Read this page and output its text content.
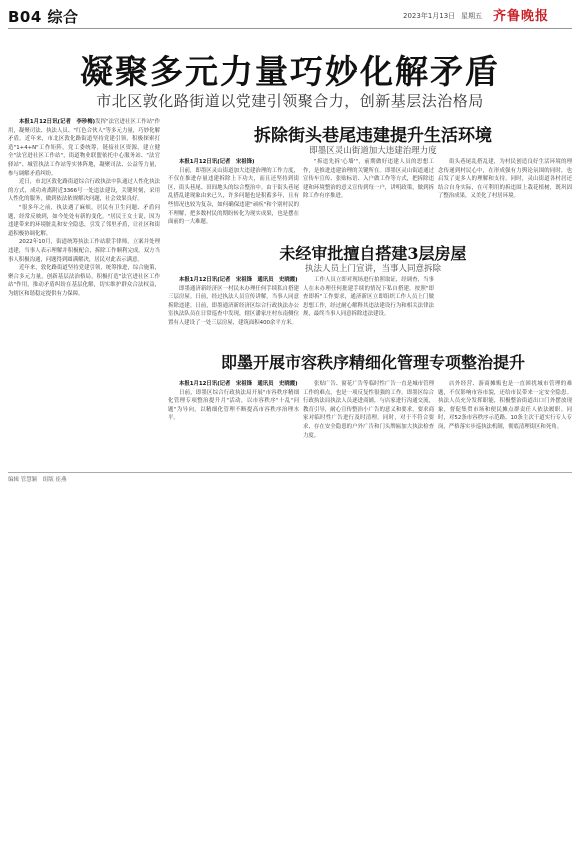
B04 综合	2023年1月13日 星期五 齐鲁晚报
凝聚多元力量巧妙化解矛盾
市北区敦化路街道以党建引领聚合力，创新基层法治格局

本报1月12日讯(记者　李珍梅)发挥"法官进社区工作站"作用，凝聚司法、执法人员、"红色合伙人"等多元力量，巧妙化解矛盾。近年来，市北区敦化路街道坚持党建引领，积极探索打造"1+4+N"工作矩阵，党工委统筹，链接社区资源，建立健全"法官进社区工作站"，街道物业联盟依托中心服务站、"法官驿站"、城管执法工作站等实体阵地，凝聚司法、公益等力量，参与调解矛盾纠纷。

近日，市北区敦化路街道综合行政执法中队通过人性化执法的方式，成功劝离附近3366号一处违法建设，关键时刻，采用人性化的服务，做到依法依规解决问题，社会效果良好。

"很多年之前，执法遇了麻烦，居民有卫生问题、矛盾问题，经常反映到，如今处处有新的变化。"居民王女士说，因为违建带来的环境脏乱和安全隐患，引发了邻里矛盾，让社区和街道积极协调化解。

2022年10月，街道统筹执法工作站联手律师，立案并处理违建，当事人表示理解并积极配合，拆除工作顺利完成。双方当事人积极沟通，问题得到圆满解决，居民对此表示满意。

近年来，敦化路街道坚持党建引领，统筹推进，综合施策，聚合多元力量，创新基层法治格局，积极打造"法官进社区工作站"作用，推动矛盾纠纷在基层化解，切实维护群众合法权益，为辖区和谐稳定提供有力保障。

拆除街头巷尾违建提升生活环境
即墨区灵山街道加大违建治理力度

本报1月12日讯(记者　宋祖锋)

日前，即墨区灵山街道加大违建治理的工作力度，不仅在推进存量违建拆除上下功夫，而且还坚持到街区、街头巷尾、田间地头的综合整治中。由于街头巷尾乱搭乱建现象由来已久，许多问题也是积蓄多年，且有些情况也较为复杂，如何确保违建"顽疾"和个别村民的不理解，把多数村民的期盼转化为现实成果，也是摆在面前的一大难题。

"拆违先拆'心墙'"，前期做好违建人员的思想工作，是推进违建治理的关键所在。即墨区灵山街道通过宣传车宣传、张贴标语、入户做工作等方式，把拆除违建和环境整治的意义宣传到每一户，讲明政策，做到拆除工作有序推进。

街头巷尾乱搭乱建，为村民创造良好生活环境的理念传递到村民心中，在形成强有力舆论氛围的同时，也启发了更多人的理解和支持。同时，灵山街道各村居还结合自身实际，在可利用的拆违围上栽花植树，既巩固了整治成果，又美化了村居环境。

未经审批擅自搭建3层房屋
执法人员上门宣讲，当事人同意拆除

本报1月12日讯(记者　宋祖锋　通讯员　史晓霞)

即墨通济新经济区一村民未办理任何手续私自搭建三层房屋。日前，经过执法人员宣传讲解，当事人同意拆除违建。日前，即墨通济新经济区综合行政执法办公室执法队员在日常巡查中发现，辖区潘家庄村东南侧位置有人建设了一处三层房屋，建筑面积400余平方米。

工作人员立即对现场进行拍照取证，经调查，当事人在未办理任何批建手续的情况下私自搭建。按照"即查即拆"工作要求，通济新区立即组织工作人员上门做思想工作，经过耐心解释其违法建设行为和相关法律法规，最终当事人同意拆除违法建设。

即墨开展市容秩序精细化管理专项整治提升

本报1月12日讯(记者　宋祖锋　通讯员　史晓霞)

日前，即墨区综合行政执法局开展"市容秩序精细化管理专项整治提升月"活动，以市容秩序"十乱"问题"为导向，以精细化管理不断提高市容秩序治理水平。

张贴广告、窗花广告等临时性广告一直是城市管理工作的难点，也是一项反复性很强的工作。即墨区综合行政执法局执法人员逐进商铺，与店家进行沟通交流，教育引导，耐心宣传整治小广告的意义和要求，要求商家对临时性广告进行及时清理。同时，对于不符合要求、存在安全隐患的户外广告和门头牌匾加大执法检查力度。

店外经营、游商摊贩也是一直困扰城市管理的难题，不仅影响市容市貌，还给市民带来一定安全隐患。执法人员充分发挥职能，积极整治街道出口门外摆放现象，督促集贸市场和便民摊点群责任人依法履职。同时，对52条市容秩序示范路、10条主次干道实行专人专岗，严格落实步巡执法机制，彻底清理街区和死角。

编辑 管慧颖　组版 崔燕
